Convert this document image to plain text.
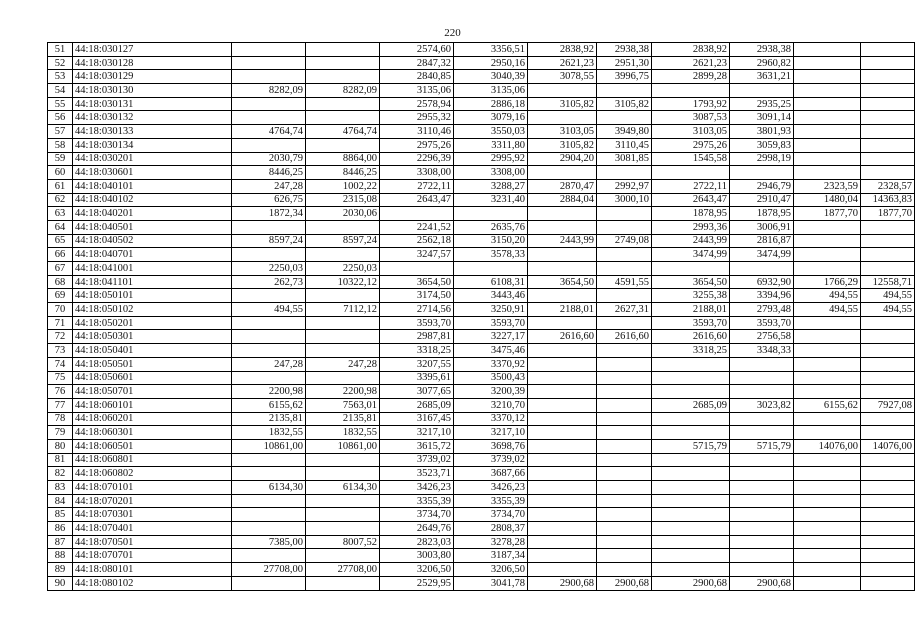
220
51	44:18:030127			2574,60	3356,51	2838,92	2938,38	2838,92	2938,38		
52	44:18:030128			2847,32	2950,16	2621,23	2951,30	2621,23	2960,82		
53	44:18:030129			2840,85	3040,39	3078,55	3996,75	2899,28	3631,21		
54	44:18:030130	8282,09	8282,09	3135,06	3135,06						
55	44:18:030131			2578,94	2886,18	3105,82	3105,82	1793,92	2935,25		
56	44:18:030132			2955,32	3079,16			3087,53	3091,14		
57	44:18:030133	4764,74	4764,74	3110,46	3550,03	3103,05	3949,80	3103,05	3801,93		
58	44:18:030134			2975,26	3311,80	3105,82	3110,45	2975,26	3059,83		
59	44:18:030201	2030,79	8864,00	2296,39	2995,92	2904,20	3081,85	1545,58	2998,19		
60	44:18:030601	8446,25	8446,25	3308,00	3308,00						
61	44:18:040101	247,28	1002,22	2722,11	3288,27	2870,47	2992,97	2722,11	2946,79	2323,59	2328,57
62	44:18:040102	626,75	2315,08	2643,47	3231,40	2884,04	3000,10	2643,47	2910,47	1480,04	14363,83
63	44:18:040201	1872,34	2030,06					1878,95	1878,95	1877,70	1877,70
64	44:18:040501			2241,52	2635,76			2993,36	3006,91		
65	44:18:040502	8597,24	8597,24	2562,18	3150,20	2443,99	2749,08	2443,99	2816,87		
66	44:18:040701			3247,57	3578,33			3474,99	3474,99		
67	44:18:041001	2250,03	2250,03								
68	44:18:041101	262,73	10322,12	3654,50	6108,31	3654,50	4591,55	3654,50	6932,90	1766,29	12558,71
69	44:18:050101			3174,50	3443,46			3255,38	3394,96	494,55	494,55
70	44:18:050102	494,55	7112,12	2714,56	3250,91	2188,01	2627,31	2188,01	2793,48	494,55	494,55
71	44:18:050201			3593,70	3593,70			3593,70	3593,70		
72	44:18:050301			2987,81	3227,17	2616,60	2616,60	2616,60	2756,58		
73	44:18:050401			3318,25	3475,46			3318,25	3348,33		
74	44:18:050501	247,28	247,28	3207,55	3370,92						
75	44:18:050601			3395,61	3500,43						
76	44:18:050701	2200,98	2200,98	3077,65	3200,39						
77	44:18:060101	6155,62	7563,01	2685,09	3210,70			2685,09	3023,82	6155,62	7927,08
78	44:18:060201	2135,81	2135,81	3167,45	3370,12						
79	44:18:060301	1832,55	1832,55	3217,10	3217,10						
80	44:18:060501	10861,00	10861,00	3615,72	3698,76			5715,79	5715,79	14076,00	14076,00
81	44:18:060801			3739,02	3739,02						
82	44:18:060802			3523,71	3687,66						
83	44:18:070101	6134,30	6134,30	3426,23	3426,23						
84	44:18:070201			3355,39	3355,39						
85	44:18:070301			3734,70	3734,70						
86	44:18:070401			2649,76	2808,37						
87	44:18:070501	7385,00	8007,52	2823,03	3278,28						
88	44:18:070701			3003,80	3187,34						
89	44:18:080101	27708,00	27708,00	3206,50	3206,50						
90	44:18:080102			2529,95	3041,78	2900,68	2900,68	2900,68	2900,68		
